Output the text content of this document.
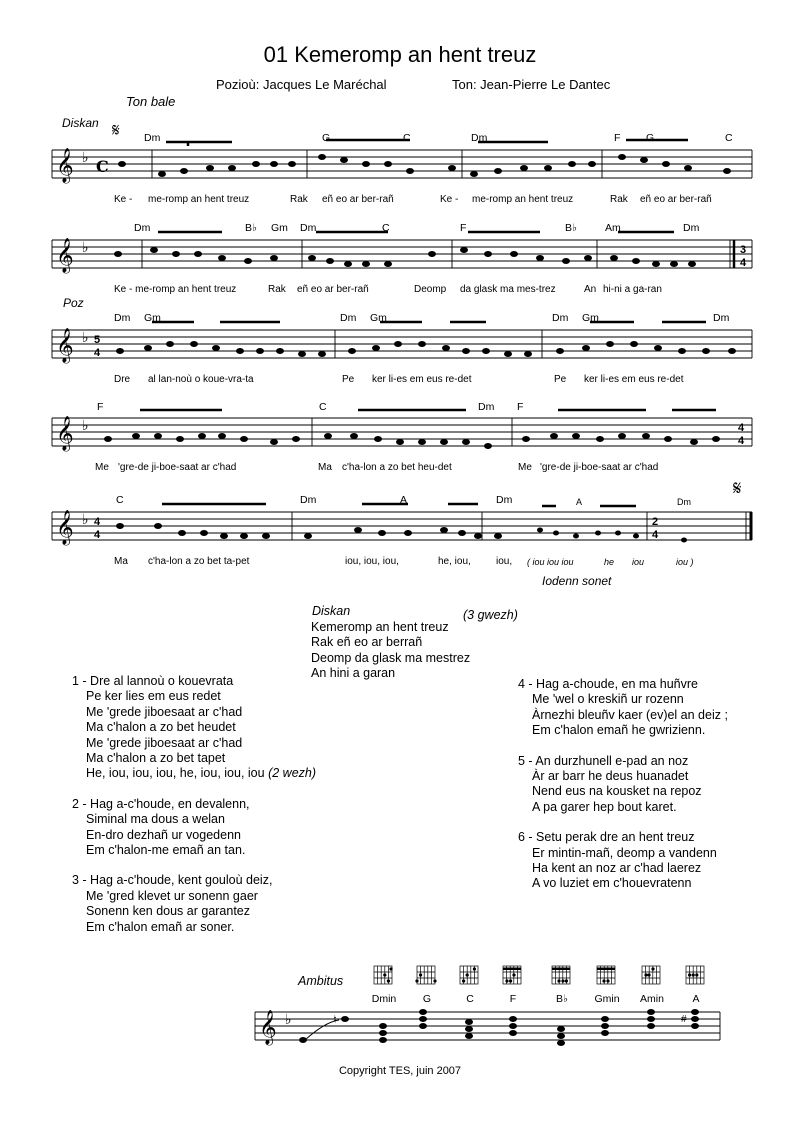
01 Kemeromp an hent treuz
Pozioù: Jacques Le Maréchal	Ton: Jean-Pierre Le Dantec
Ton bale
Diskan
Poz
Iodenn sonet
𝄞 ♭ C
𝄋 Dm	G	C	Dm	F G	C
Ke - me-romp an hent treuz	Rak eñ eo ar ber-rañ	Ke - me-romp an hent treuz	Rak eñ eo ar ber-rañ
𝄞 ♭	3
4
Dm	B♭ Gm Dm	C	F	B♭	Am	Dm
Ke - me-romp an hent treuz	Rak eñ eo ar ber-rañ	Deomp da glask ma mes-trez	An hi-ni a ga-ran
𝄞 ♭ 5
4
Dm Gm	Dm Gm	Dm Gm	Dm
Dre al lan-noù o koue-vra-ta	Pe ker li-es em eus re-det	Pe ker li-es em eus re-det
𝄞 ♭	4
4
F	C	Dm F
Me 'gre-de ji-boe-saat ar c'had	Ma c'ha-lon a zo bet heu-det	Me 'gre-de ji-boe-saat ar c'had
𝄞 ♭ 4
4
2
4
C	Dm	A	Dm	A	Dm
𝄋
Ma c'ha-lon a zo bet ta-pet	iou, iou, iou,	he, iou,	iou, ( iou iou iou	he iou	iou )
Diskan	(3 gwezh)
Kemeromp an hent treuz
Rak eñ eo ar berrañ
Deomp da glask ma mestrez
An hini a garan
1 - Dre al lannoù o kouevrata
Pe ker lies em eus redet
Me 'grede jiboesaat ar c'had
Ma c'halon a zo bet heudet
Me 'grede jiboesaat ar c'had
Ma c'halon a zo bet tapet
He, iou, iou, iou, he, iou, iou, iou (2 wezh)
2 - Hag a-c'houde, en devalenn,
Siminal ma dous a welan
En-dro dezhañ ur vogedenn
Em c'halon-me emañ an tan.
3 - Hag a-c'houde, kent gouloù deiz,
Me 'gred klevet ur sonenn gaer
Sonenn ken dous ar garantez
Em c'halon emañ ar soner.
4 - Hag a-choude, en ma huñvre
Me 'wel o kreskiñ ur rozenn
Àrnezhi bleuñv kaer (ev)el an deiz ;
Em c'halon emañ he gwrizienn.
5 - An durzhunell e-pad an noz
Àr ar barr he deus huanadet
Nend eus na kousket na repoz
A pa garer hep bout karet.
6 - Setu perak dre an hent treuz
Er mintin-mañ, deomp a vandenn
Ha kent an noz ar c'had laerez
A vo luziet em c'houevratenn
Ambitus
Dmin	G	C	F	B♭	Gmin	Amin	A
𝄞 ♭	♮	#
Copyright TES, juin 2007
